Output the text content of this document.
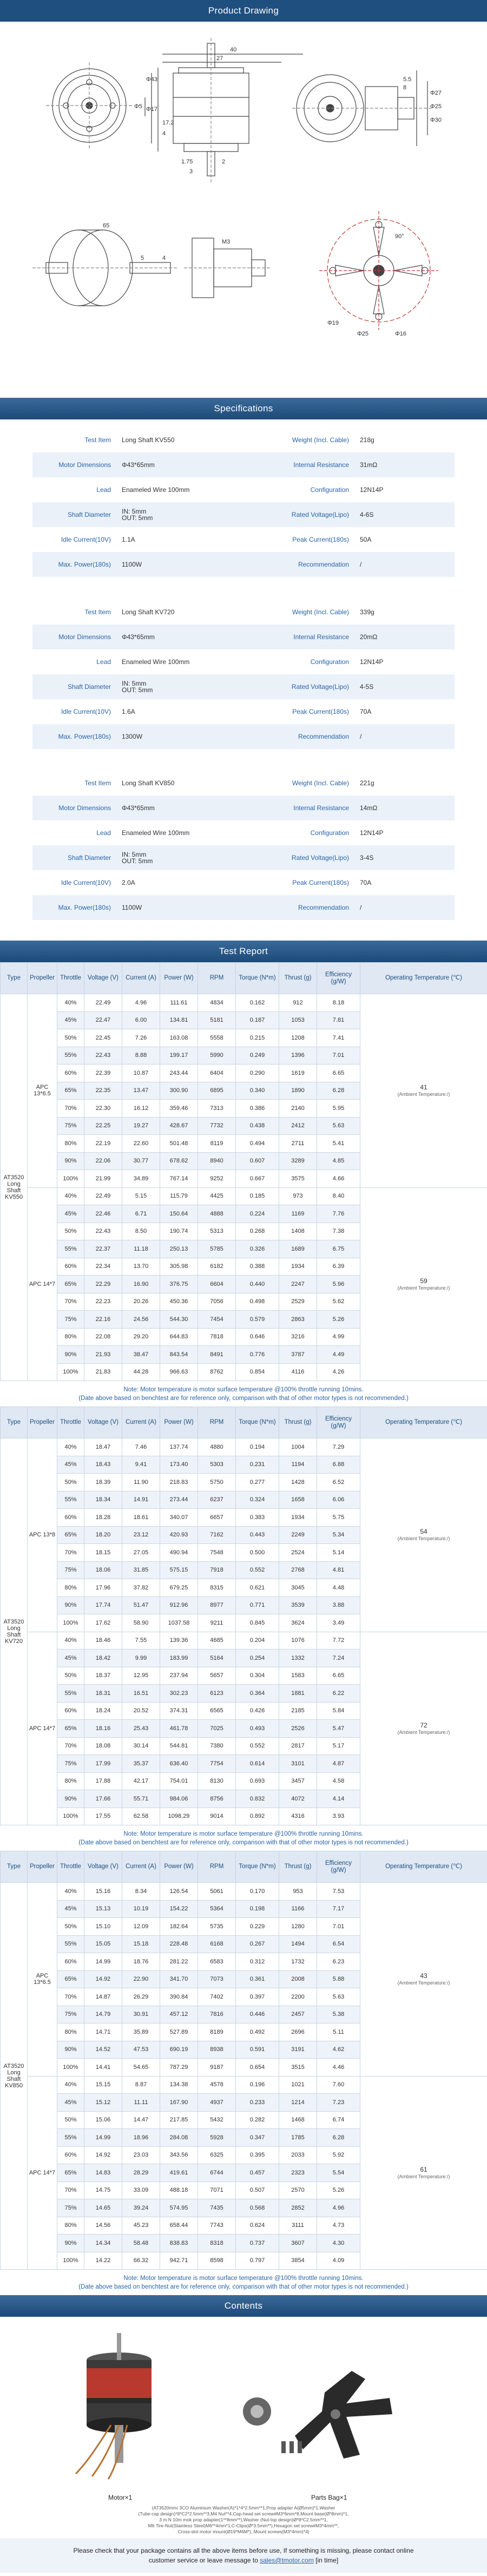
Product Drawing
40
27
Φ43
Φ17
Φ5
17.2
4
1.75	2
3
5.5
8
Φ27
Φ25
Φ30
65
5	4
M3
90°
Φ19
Φ25	Φ16
Specifications
Test Item	Long Shaft KV550	Weight (Incl. Cable)	218g
Motor Dimensions	Φ43*65mm	Internal Resistance	31mΩ
Lead	Enameled Wire 100mm	Configuration	12N14P
Shaft Diameter	IN: 5mm
OUT: 5mm	Rated Voltage(Lipo)	4-6S
Idle Current(10V)	1.1A	Peak Current(180s)	50A
Max. Power(180s)	1100W	Recommendation	/
Test Item	Long Shaft KV720	Weight (Incl. Cable)	339g
Motor Dimensions	Φ43*65mm	Internal Resistance	20mΩ
Lead	Enameled Wire 100mm	Configuration	12N14P
Shaft Diameter	IN: 5mm
OUT: 5mm	Rated Voltage(Lipo)	4-5S
Idle Current(10V)	1.6A	Peak Current(180s)	70A
Max. Power(180s)	1300W	Recommendation	/
Test Item	Long Shaft KV850	Weight (Incl. Cable)	221g
Motor Dimensions	Φ43*65mm	Internal Resistance	14mΩ
Lead	Enameled Wire 100mm	Configuration	12N14P
Shaft Diameter	IN: 5mm
OUT: 5mm	Rated Voltage(Lipo)	3-4S
Idle Current(10V)	2.0A	Peak Current(180s)	70A
Max. Power(180s)	1100W	Recommendation	/
Test Report
Type	Propeller	Throttle	Voltage (V)	Current (A)	Power (W)	RPM	Torque (N*m)	Thrust (g)	Efficiency (g/W)	Operating Temperature (℃)
AT3520 Long Shaft KV550	APC 13*6.5	40%	22.49	4.96	111.61	4834	0.162	912	8.18	41
(Ambient Temperature:/)

		45%	22.47	6.00	134.81	5181	0.187	1053	7.81	
		50%	22.45	7.26	163.08	5558	0.215	1208	7.41	
		55%	22.43	8.88	199.17	5990	0.249	1396	7.01	
		60%	22.39	10.87	243.44	6404	0.290	1619	6.65	
		65%	22.35	13.47	300.90	6895	0.340	1890	6.28	
		70%	22.30	16.12	359.46	7313	0.386	2140	5.95	
		75%	22.25	19.27	428.67	7732	0.438	2412	5.63	
		80%	22.19	22.60	501.48	8119	0.494	2711	5.41	
		90%	22.06	30.77	678.62	8940	0.607	3289	4.85	
		100%	21.99	34.89	767.14	9252	0.667	3575	4.66	
	APC 14*7	40%	22.49	5.15	115.79	4425	0.185	973	8.40	59
(Ambient Temperature:/)

		45%	22.46	6.71	150.64	4888	0.224	1169	7.76	
		50%	22.43	8.50	190.74	5313	0.268	1408	7.38	
		55%	22.37	11.18	250.13	5785	0.326	1689	6.75	
		60%	22.34	13.70	305.98	6182	0.388	1934	6.39	
		65%	22.29	16.90	376.75	6604	0.440	2247	5.96	
		70%	22.23	20.26	450.36	7056	0.498	2529	5.62	
		75%	22.16	24.56	544.30	7454	0.579	2863	5.26	
		80%	22.08	29.20	644.83	7818	0.646	3216	4.99	
		90%	21.93	38.47	843.54	8491	0.776	3787	4.49	
		100%	21.83	44.28	966.63	8762	0.854	4116	4.26	
Note: Motor temperature is motor surface temperature @100% throttle running 10mins.
(Date above based on benchtest are for reference only, comparison with that of other motor types is not recommended.)
Type	Propeller	Throttle	Voltage (V)	Current (A)	Power (W)	RPM	Torque (N*m)	Thrust (g)	Efficiency (g/W)	Operating Temperature (℃)
AT3520 Long Shaft KV720	APC 13*8	40%	18.47	7.46	137.74	4880	0.194	1004	7.29	54
(Ambient Temperature:/)

		45%	18.43	9.41	173.40	5303	0.231	1194	6.88	
		50%	18.39	11.90	218.83	5750	0.277	1428	6.52	
		55%	18.34	14.91	273.44	6237	0.324	1658	6.06	
		60%	18.28	18.61	340.07	6657	0.383	1934	5.75	
		65%	18.20	23.12	420.93	7162	0.443	2249	5.34	
		70%	18.15	27.05	490.94	7548	0.500	2524	5.14	
		75%	18.06	31.85	575.15	7918	0.552	2768	4.81	
		80%	17.96	37.82	679.25	8315	0.621	3045	4.48	
		90%	17.74	51.47	912.96	8977	0.771	3539	3.88	
		100%	17.62	58.90	1037.58	9211	0.845	3624	3.49	
	APC 14*7	40%	18.46	7.55	139.36	4685	0.204	1076	7.72	72
(Ambient Temperature:/)

		45%	18.42	9.99	183.99	5164	0.254	1332	7.24	
		50%	18.37	12.95	237.94	5657	0.304	1583	6.65	
		55%	18.31	16.51	302.23	6123	0.364	1881	6.22	
		60%	18.24	20.52	374.31	6565	0.426	2185	5.84	
		65%	18.16	25.43	461.78	7025	0.493	2526	5.47	
		70%	18.08	30.14	544.81	7380	0.552	2817	5.17	
		75%	17.99	35.37	636.40	7754	0.614	3101	4.87	
		80%	17.88	42.17	754.01	8130	0.693	3457	4.58	
		90%	17.66	55.71	984.06	8756	0.832	4072	4.14	
		100%	17.55	62.58	1098.29	9014	0.892	4316	3.93	
Note: Motor temperature is motor surface temperature @100% throttle running 10mins.
(Date above based on benchtest are for reference only, comparison with that of other motor types is not recommended.)
Type	Propeller	Throttle	Voltage (V)	Current (A)	Power (W)	RPM	Torque (N*m)	Thrust (g)	Efficiency (g/W)	Operating Temperature (℃)
AT3520 Long Shaft KV850	APC 13*6.5	40%	15.16	8.34	126.54	5061	0.170	953	7.53	43
(Ambient Temperature:/)

		45%	15.13	10.19	154.22	5364	0.198	1166	7.17	
		50%	15.10	12.09	182.64	5735	0.229	1280	7.01	
		55%	15.05	15.18	228.48	6168	0.267	1494	6.54	
		60%	14.99	18.76	281.22	6583	0.312	1732	6.23	
		65%	14.92	22.90	341.70	7073	0.361	2008	5.88	
		70%	14.87	26.29	390.84	7402	0.397	2200	5.63	
		75%	14.79	30.91	457.12	7816	0.446	2457	5.38	
		80%	14.71	35.89	527.89	8189	0.492	2696	5.11	
		90%	14.52	47.53	690.19	8938	0.591	3191	4.62	
		100%	14.41	54.65	787.29	9187	0.654	3515	4.46	
	APC 14*7	40%	15.15	8.87	134.38	4578	0.196	1021	7.60	61
(Ambient Temperature:/)

		45%	15.12	11.11	167.90	4937	0.233	1214	7.23	
		50%	15.06	14.47	217.85	5432	0.282	1468	6.74	
		55%	14.99	18.96	284.08	5928	0.347	1785	6.28	
		60%	14.92	23.03	343.56	6325	0.395	2033	5.92	
		65%	14.83	28.29	419.61	6744	0.457	2323	5.54	
		70%	14.75	33.09	488.18	7071	0.507	2570	5.26	
		75%	14.65	39.24	574.95	7435	0.568	2852	4.96	
		80%	14.56	45.23	658.44	7743	0.624	3111	4.73	
		90%	14.34	58.48	838.83	8318	0.737	3607	4.30	
		100%	14.22	66.32	942.71	8598	0.797	3854	4.09	
Note: Motor temperature is motor surface temperature @100% throttle running 10mins.
(Date above based on benchtest are for reference only, comparison with that of other motor types is not recommended.)
Contents
Motor×1	Parts Bag×1
(AT3520mm/ 3CO Aluminium Washer(A)*1*4*2.5mm**1,Prop adapter A(Ø5mm)*1,Washer
(Tube-cap design)*8*C2*2.5mm**3,M4 Nut**4,Cap-head set screw#M3*6mm*8,Mount base(Ø*8mm)*1,
3 m N 10m mok prop adapter(1**8mm**),Washer (Nut-top design)Ø*8*C2.5mm**1,
M6 Tire-Nut(Stainless Steel)M6**4mm*1,C-Clips(Ø*3.5mm**),Hexagon set screw#M3*4mm**,
Cross-slot motor mount(Ø19*M6M*), Mount screws(M3*4mm)*4)
Please check that your package contains all the above items before use, If something is missing, please contact online
customer service or leave message to sales@tmotor.com [in time]
